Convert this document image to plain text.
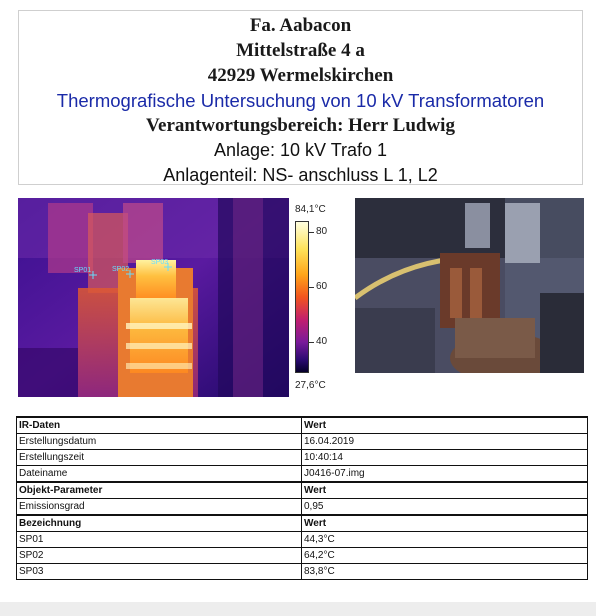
Fa. Aabacon
Mittelstraße 4 a
42929 Wermelskirchen
Thermografische Untersuchung von 10 kV Transformatoren
Verantwortungsbereich: Herr Ludwig
Anlage: 10 kV Trafo 1
Anlagenteil: NS- anschluss L 1, L2
SP01	SP02
SP03
84,1°C
80
60
40
27,6°C
IR-Daten	Wert
Erstellungsdatum	16.04.2019
Erstellungszeit	10:40:14
Dateiname	J0416-07.img
Objekt-Parameter	Wert
Emissionsgrad	0,95
Bezeichnung	Wert
SP01	44,3°C
SP02	64,2°C
SP03	83,8°C
